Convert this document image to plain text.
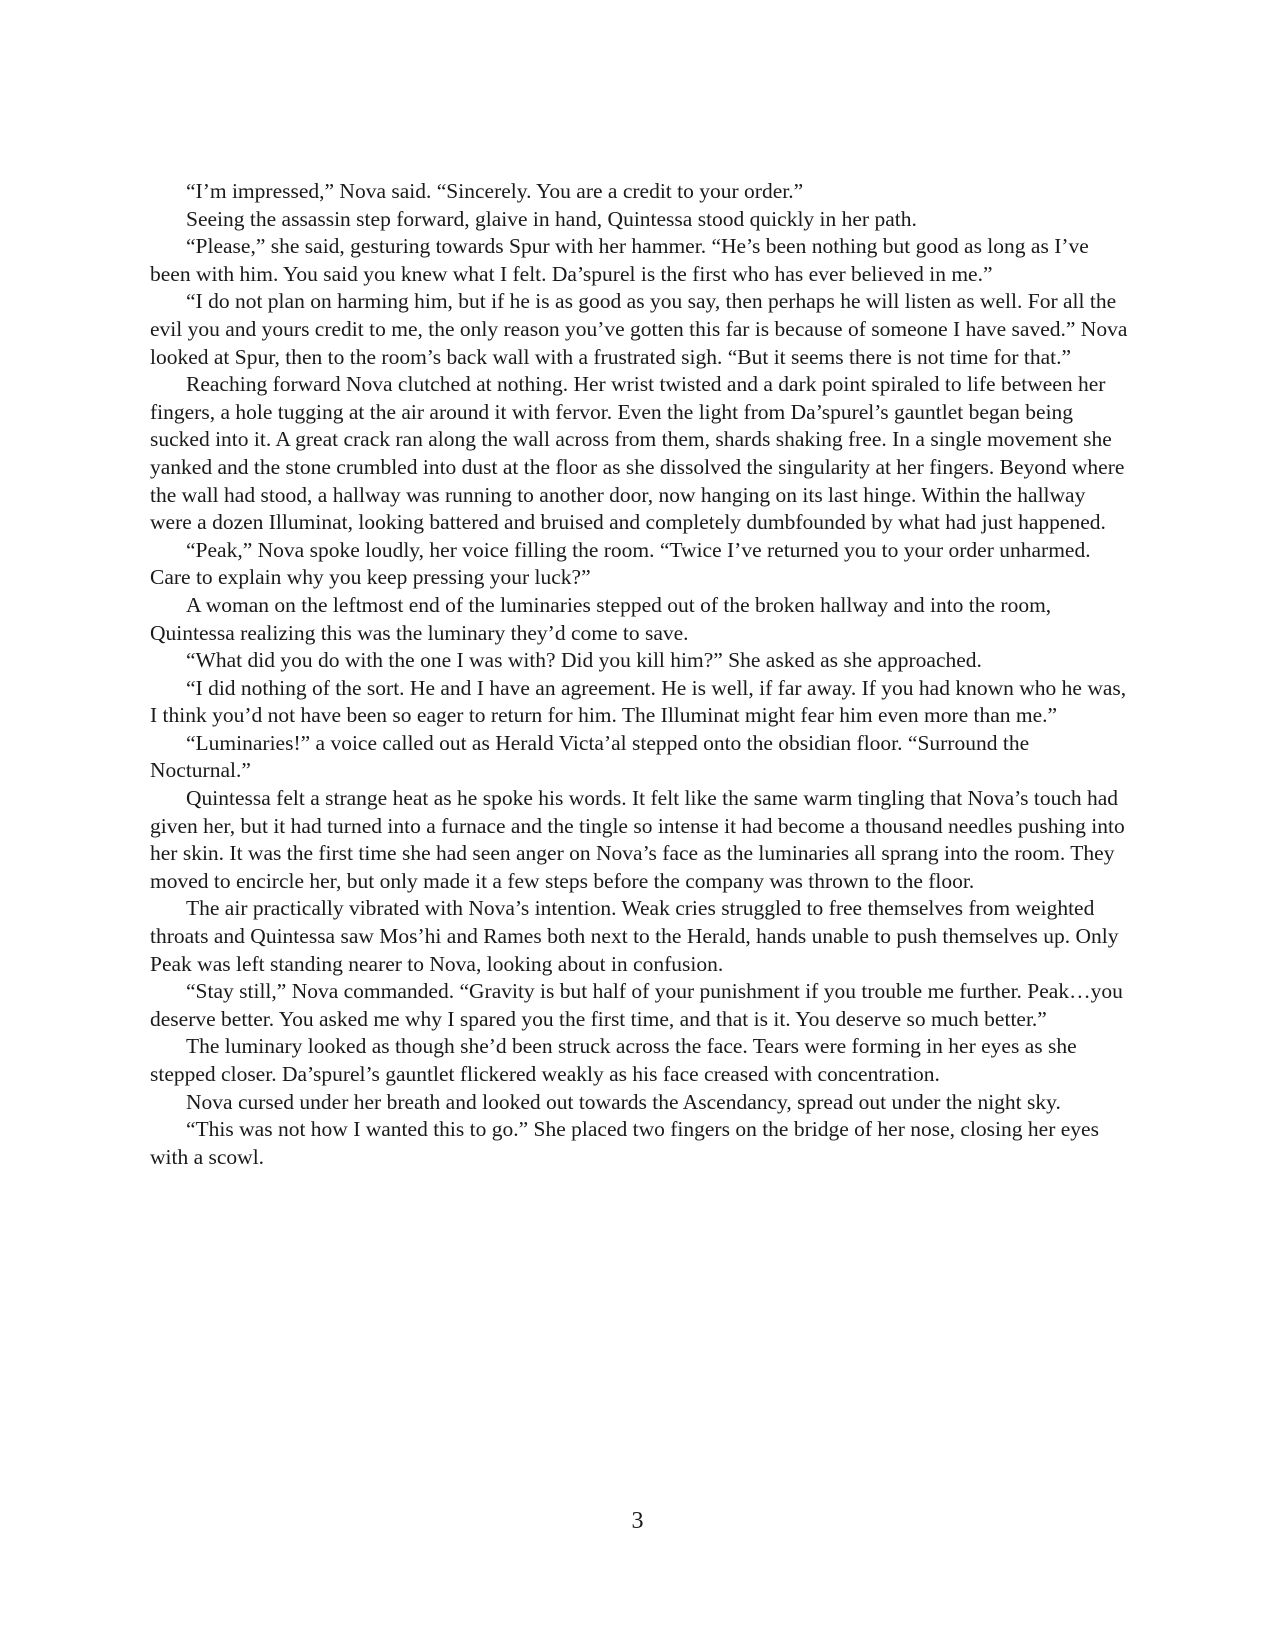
“I’m impressed,” Nova said. “Sincerely. You are a credit to your order.”

Seeing the assassin step forward, glaive in hand, Quintessa stood quickly in her path.

“Please,” she said, gesturing towards Spur with her hammer. “He’s been nothing but good as long as I’ve been with him. You said you knew what I felt. Da’spurel is the first who has ever believed in me.”

“I do not plan on harming him, but if he is as good as you say, then perhaps he will listen as well. For all the evil you and yours credit to me, the only reason you’ve gotten this far is because of someone I have saved.” Nova looked at Spur, then to the room’s back wall with a frustrated sigh. “But it seems there is not time for that.”

Reaching forward Nova clutched at nothing. Her wrist twisted and a dark point spiraled to life between her fingers, a hole tugging at the air around it with fervor. Even the light from Da’spurel’s gauntlet began being sucked into it. A great crack ran along the wall across from them, shards shaking free. In a single movement she yanked and the stone crumbled into dust at the floor as she dissolved the singularity at her fingers. Beyond where the wall had stood, a hallway was running to another door, now hanging on its last hinge. Within the hallway were a dozen Illuminat, looking battered and bruised and completely dumbfounded by what had just happened.

“Peak,” Nova spoke loudly, her voice filling the room. “Twice I’ve returned you to your order unharmed. Care to explain why you keep pressing your luck?”

A woman on the leftmost end of the luminaries stepped out of the broken hallway and into the room, Quintessa realizing this was the luminary they’d come to save.

“What did you do with the one I was with? Did you kill him?” She asked as she approached.

“I did nothing of the sort. He and I have an agreement. He is well, if far away. If you had known who he was, I think you’d not have been so eager to return for him. The Illuminat might fear him even more than me.”

“Luminaries!” a voice called out as Herald Victa’al stepped onto the obsidian floor. “Surround the Nocturnal.”

Quintessa felt a strange heat as he spoke his words. It felt like the same warm tingling that Nova’s touch had given her, but it had turned into a furnace and the tingle so intense it had become a thousand needles pushing into her skin. It was the first time she had seen anger on Nova’s face as the luminaries all sprang into the room. They moved to encircle her, but only made it a few steps before the company was thrown to the floor.

The air practically vibrated with Nova’s intention. Weak cries struggled to free themselves from weighted throats and Quintessa saw Mos’hi and Rames both next to the Herald, hands unable to push themselves up. Only Peak was left standing nearer to Nova, looking about in confusion.

“Stay still,” Nova commanded. “Gravity is but half of your punishment if you trouble me further. Peak…you deserve better. You asked me why I spared you the first time, and that is it. You deserve so much better.”

The luminary looked as though she’d been struck across the face. Tears were forming in her eyes as she stepped closer. Da’spurel’s gauntlet flickered weakly as his face creased with concentration.

Nova cursed under her breath and looked out towards the Ascendancy, spread out under the night sky.

“This was not how I wanted this to go.” She placed two fingers on the bridge of her nose, closing her eyes with a scowl.

3
